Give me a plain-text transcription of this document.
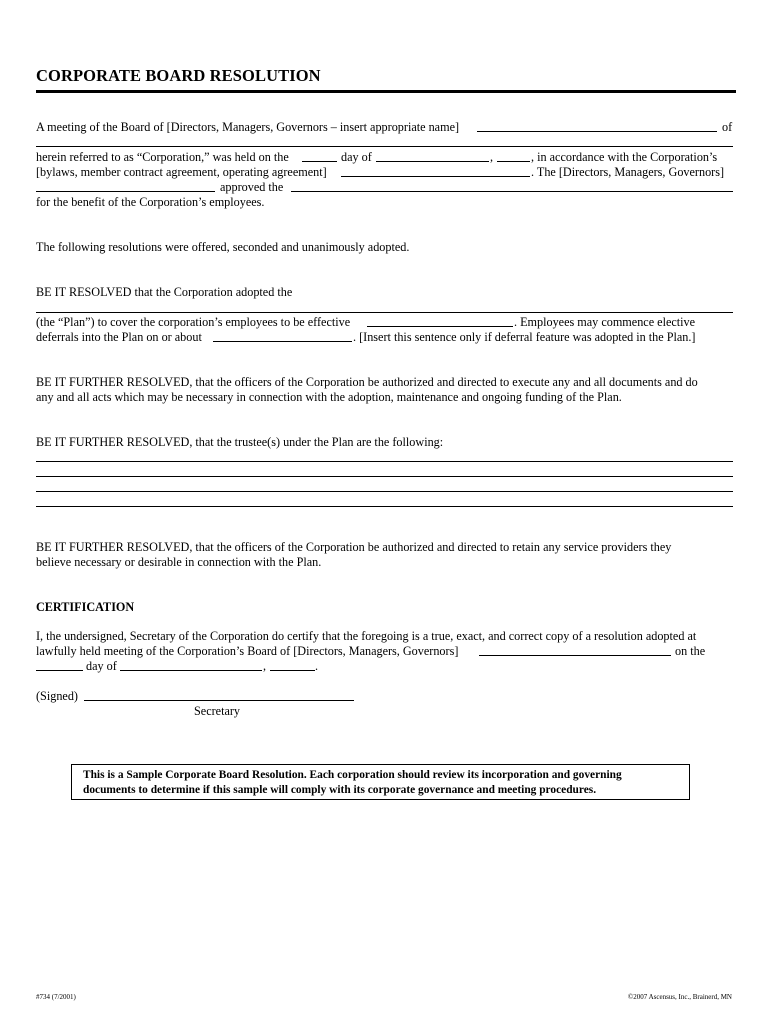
CORPORATE BOARD RESOLUTION
A meeting of the Board of [Directors, Managers, Governors – insert appropriate name]	of
herein referred to as “Corporation,” was held on the	day of	,	, in accordance with the Corporation’s
[bylaws, member contract agreement, operating agreement]	. The [Directors, Managers, Governors]
approved the
for the benefit of the Corporation’s employees.
The following resolutions were offered, seconded and unanimously adopted.
BE IT RESOLVED that the Corporation adopted the
(the “Plan”) to cover the corporation’s employees to be effective	. Employees may commence elective
deferrals into the Plan on or about	. [Insert this sentence only if deferral feature was adopted in the Plan.]
BE IT FURTHER RESOLVED, that the officers of the Corporation be authorized and directed to execute any and all documents and do
any and all acts which may be necessary in connection with the adoption, maintenance and ongoing funding of the Plan.
BE IT FURTHER RESOLVED, that the trustee(s) under the Plan are the following:
BE IT FURTHER RESOLVED, that the officers of the Corporation be authorized and directed to retain any service providers they
believe necessary or desirable in connection with the Plan.
CERTIFICATION
I, the undersigned, Secretary of the Corporation do certify that the foregoing is a true, exact, and correct copy of a resolution adopted at
lawfully held meeting of the Corporation’s Board of [Directors, Managers, Governors]	on the
day of	,	.
(Signed)
Secretary
This is a Sample Corporate Board Resolution. Each corporation should review its incorporation and governing
documents to determine if this sample will comply with its corporate governance and meeting procedures.
#734 (7/2001)	©2007 Ascensus, Inc., Brainerd, MN
